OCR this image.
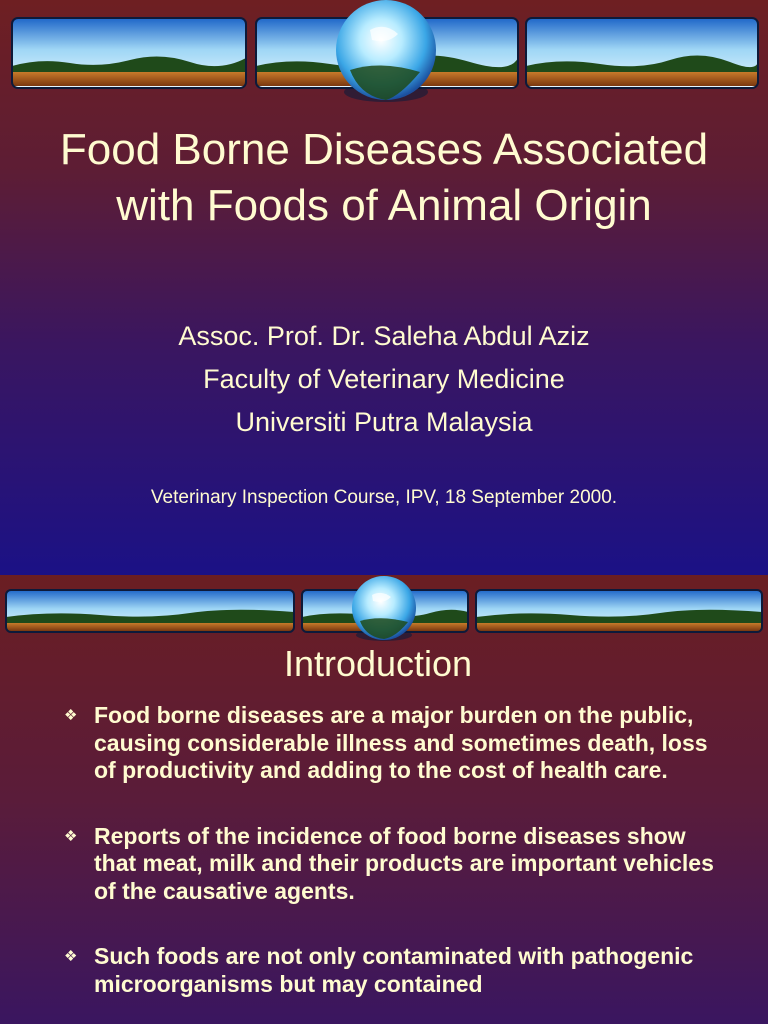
Food Borne Diseases Associated
with Foods of Animal Origin
Assoc. Prof. Dr. Saleha Abdul Aziz
Faculty of Veterinary Medicine
Universiti Putra Malaysia
Veterinary Inspection Course, IPV, 18 September 2000.
Introduction
❖ Food borne diseases are a major burden on the public, causing considerable illness and sometimes death, loss of productivity and adding to the cost of health care.
❖ Reports of the incidence of food borne diseases show that meat, milk and their products are important vehicles of the causative agents.
❖ Such foods are not only contaminated with pathogenic microorganisms but may contained
